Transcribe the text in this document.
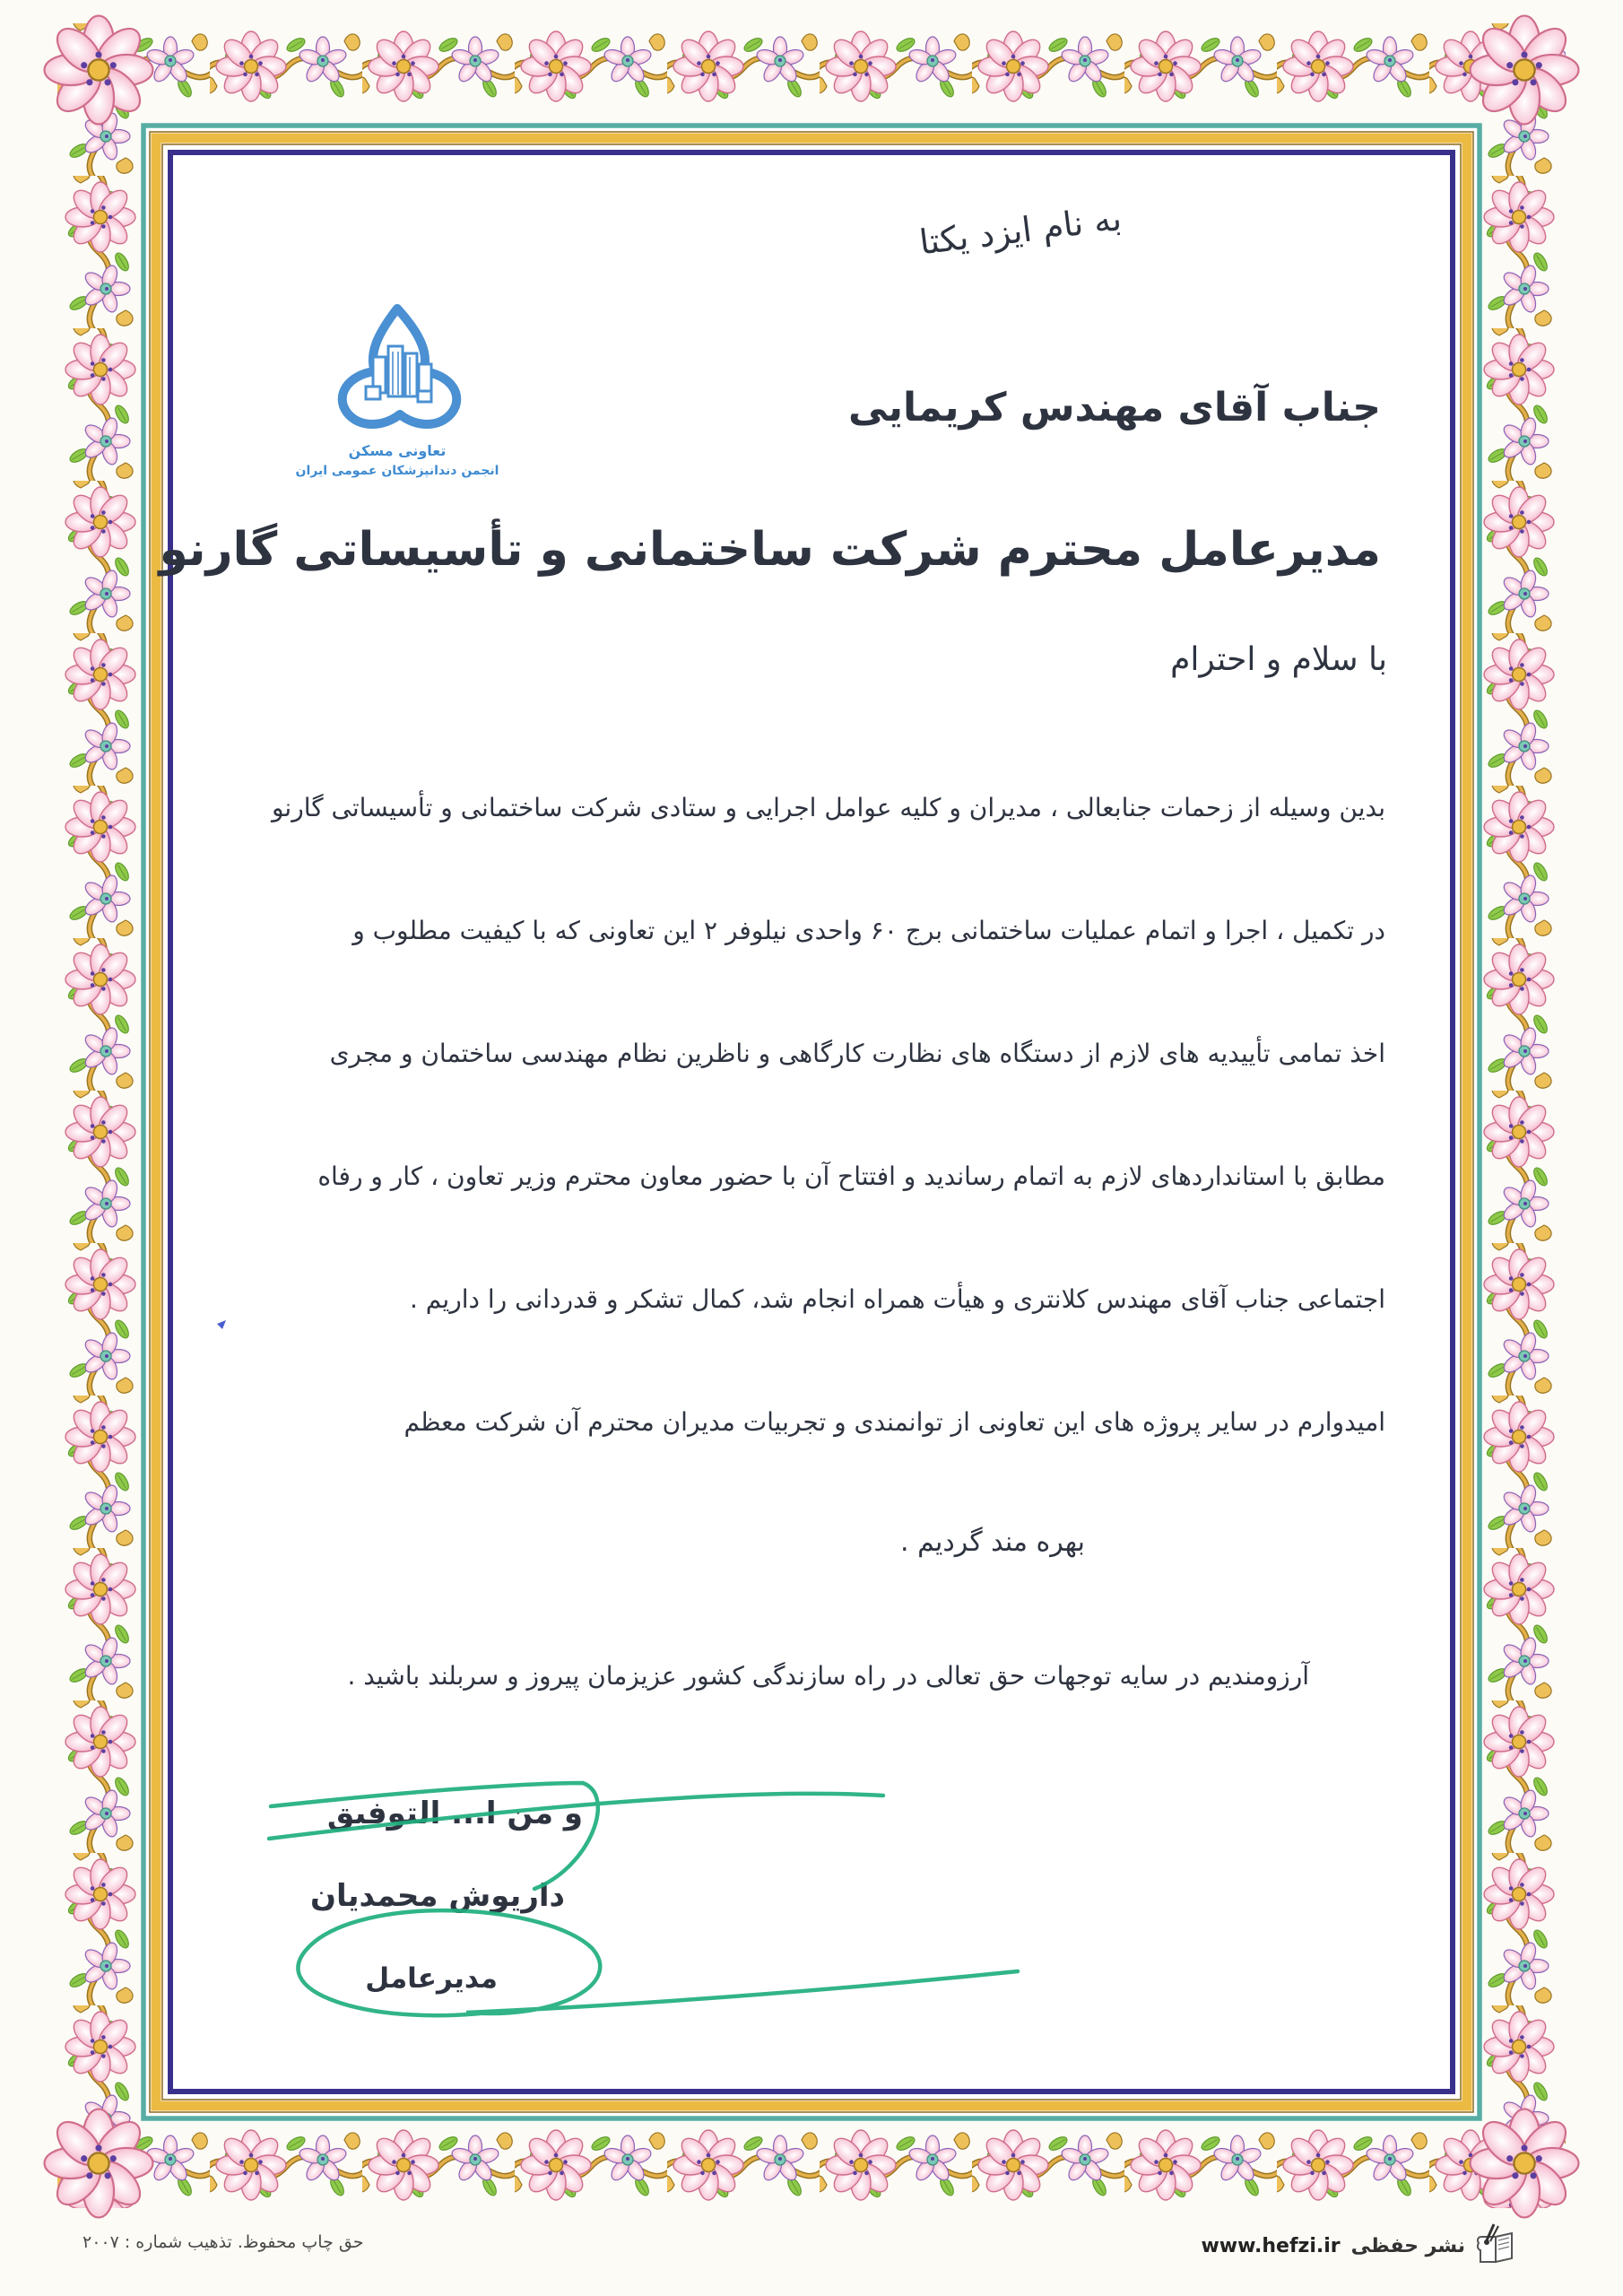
تعاونی مسکن
انجمن دندانپزشکان عمومی ایران
به نام ایزد یکتا
جناب آقای مهندس کریمایی
مدیرعامل محترم شرکت ساختمانی و تأسیساتی گارنو
با سلام و احترام
بدین وسیله از زحمات جنابعالی ، مدیران و کلیه عوامل اجرایی و ستادی شرکت ساختمانی و تأسیساتی گارنو
در تکمیل ، اجرا و اتمام عملیات ساختمانی برج ۶۰ واحدی نیلوفر ۲ این تعاونی که با کیفیت مطلوب و
اخذ تمامی تأییدیه های لازم از دستگاه های نظارت کارگاهی و ناظرین نظام مهندسی ساختمان و مجری
مطابق با استانداردهای لازم به اتمام رساندید و افتتاح آن با حضور معاون محترم وزیر تعاون ، کار و رفاه
اجتماعی جناب آقای مهندس کلانتری و هیأت همراه انجام شد، کمال تشکر و قدردانی را داریم .
امیدوارم در سایر پروژه های این تعاونی از توانمندی و تجربیات مدیران محترم آن شرکت معظم
بهره مند گردیم .
آرزومندیم در سایه توجهات حق تعالی در راه سازندگی کشور عزیزمان پیروز و سربلند باشید .
و من ا... التوفیق
داریوش محمدیان
مدیرعامل
حق چاپ محفوظ. تذهیب شماره : ۲۰۰۷	www.hefzi.ir نشر حفظی
